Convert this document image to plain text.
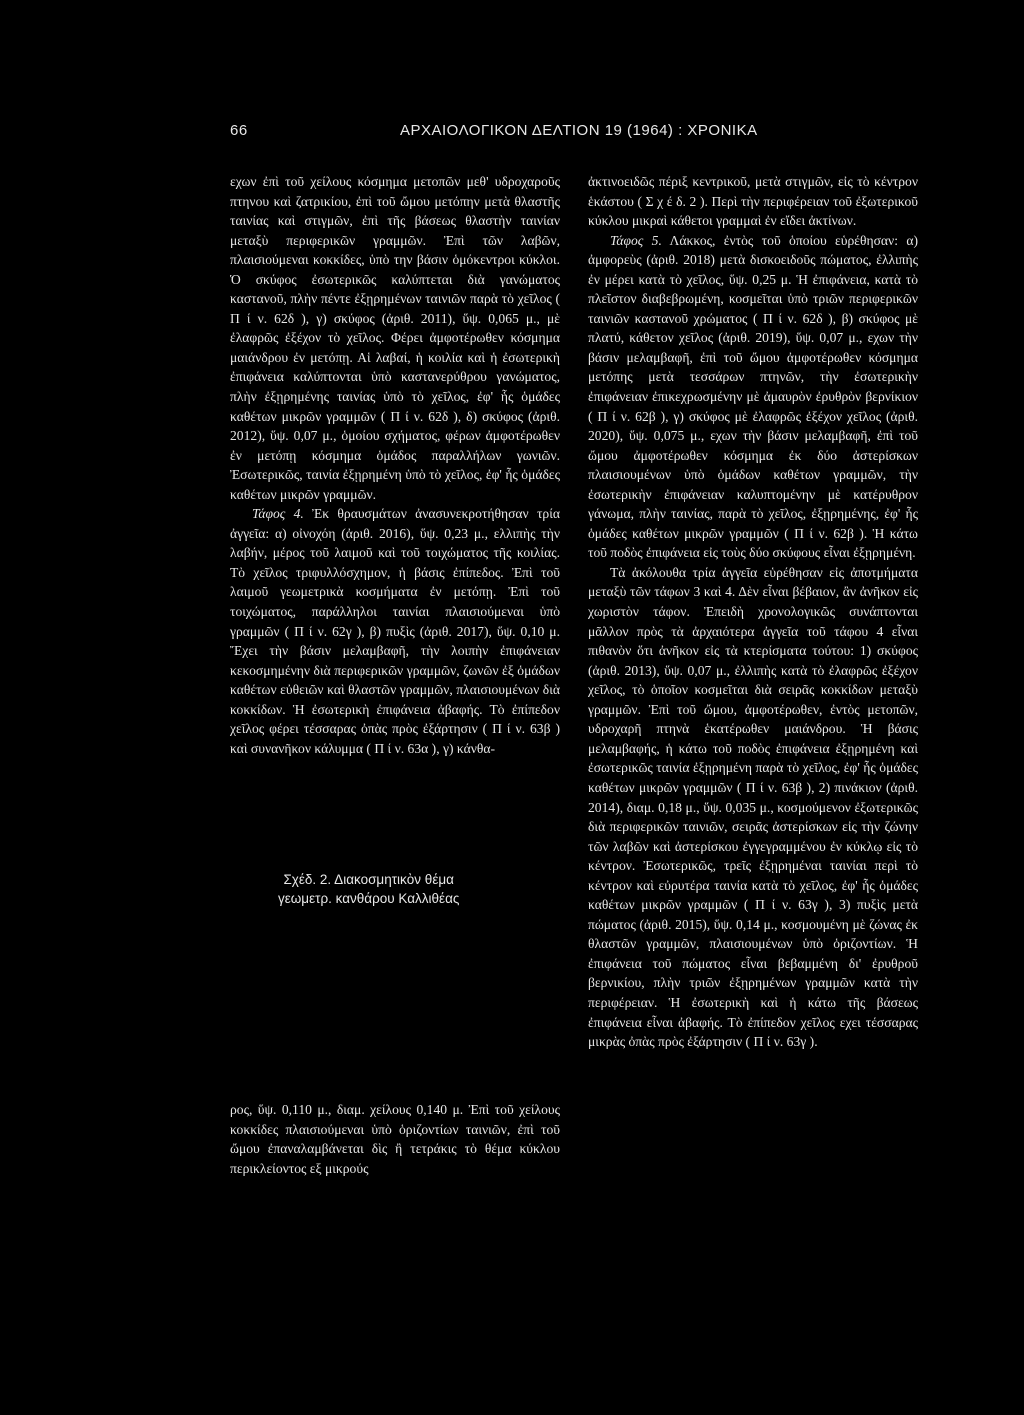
66	ΑΡΧΑΙΟΛΟΓΙΚΟΝ ΔΕΛΤΙΟΝ 19 (1964) : ΧΡΟΝΙΚΑ

εχων ἐπὶ τοῦ χείλους κόσμημα μετοπῶν μεθ' υδροχαροῦς πτηνου καὶ ζατρικίου, ἐπὶ τοῦ ὤμου μετόπην μετὰ θλαστῆς ταινίας καὶ στιγμῶν, ἐπὶ τῆς βάσεως θλαστὴν ταινίαν μεταξὺ περιφερικῶν γραμμῶν. Ἐπὶ τῶν λαβῶν, πλαισιούμεναι κοκκίδες, ὑπὸ την βάσιν ὁμόκεντροι κύκλοι. Ὁ σκύφος ἐσωτερικῶς καλύπτεται διὰ γανώματος καστανοῦ, πλὴν πέντε ἐξῃρημένων ταινιῶν παρὰ τὸ χεῖλος ( Π ί ν. 62δ ), γ) σκύφος (ἀριθ. 2011), ὕψ. 0,065 μ., μὲ ἐλαφρῶς ἐξέχον τὸ χεῖλος. Φέρει ἀμφοτέρωθεν κόσμημα μαιάνδρου ἐν μετόπῃ. Αἱ λαβαί, ἡ κοιλία καὶ ἡ ἐσωτερικὴ ἐπιφάνεια καλύπτονται ὑπὸ καστανερύθρου γανώματος, πλὴν ἐξῃρημένης ταινίας ὑπὸ τὸ χεῖλος, ἐφ' ἧς ὁμάδες καθέτων μικρῶν γραμμῶν ( Π ί ν. 62δ ), δ) σκύφος (ἀριθ. 2012), ὕψ. 0,07 μ., ὁμοίου σχήματος, φέρων ἀμφοτέρωθεν ἐν μετόπῃ κόσμημα ὁμάδος παραλλήλων γωνιῶν. Ἐσωτερικῶς, ταινία ἐξῃρημένη ὑπὸ τὸ χεῖλος, ἐφ' ἧς ὁμάδες καθέτων μικρῶν γραμμῶν.

Τάφος 4. Ἐκ θραυσμάτων ἀνασυνεκροτήθησαν τρία ἀγγεῖα: α) οἰνοχόη (ἀριθ. 2016), ὕψ. 0,23 μ., ελλιπὴς τὴν λαβήν, μέρος τοῦ λαιμοῦ καὶ τοῦ τοιχώματος τῆς κοιλίας. Τὸ χεῖλος τριφυλλόσχημον, ἡ βάσις ἐπίπεδος. Ἐπὶ τοῦ λαιμοῦ γεωμετρικὰ κοσμήματα ἐν μετόπῃ. Ἐπὶ τοῦ τοιχώματος, παράλληλοι ταινίαι πλαισιούμεναι ὑπὸ γραμμῶν ( Π ί ν. 62γ ), β) πυξὶς (ἀριθ. 2017), ὕψ. 0,10 μ. Ἔχει τὴν βάσιν μελαμβαφῆ, τὴν λοιπὴν ἐπιφάνειαν κεκοσμημένην διὰ περιφερικῶν γραμμῶν, ζωνῶν ἐξ ὁμάδων καθέτων εὐθειῶν καὶ θλαστῶν γραμμῶν, πλαισιουμένων διὰ κοκκίδων. Ἡ ἐσωτερικὴ ἐπιφάνεια ἀβαφής. Τὸ ἐπίπεδον χεῖλος φέρει τέσσαρας ὀπὰς πρὸς ἐξάρτησιν ( Π ί ν. 63β ) καὶ συνανῆκον κάλυμμα ( Π ί ν. 63α ), γ) κάνθα-

ρος, ὕψ. 0,110 μ., διαμ. χείλους 0,140 μ. Ἐπὶ τοῦ χείλους κοκκίδες πλαισιούμεναι ὑπὸ ὁριζοντίων ταινιῶν, ἐπὶ τοῦ ὤμου ἐπαναλαμβάνεται δὶς ἢ τετράκις τὸ θέμα κύκλου περικλείοντος εξ μικρούς

Σχέδ. 2. Διακοσμητικὸν θέμα
γεωμετρ. κανθάρου Καλλιθέας

ἀκτινοειδῶς πέριξ κεντρικοῦ, μετὰ στιγμῶν, εἰς τὸ κέντρον ἑκάστου ( Σ χ έ δ. 2 ). Περὶ τὴν περιφέρειαν τοῦ ἐξωτερικοῦ κύκλου μικραὶ κάθετοι γραμμαὶ ἐν εἴδει ἀκτίνων.

Τάφος 5. Λάκκος, ἐντὸς τοῦ ὁποίου εὑρέθησαν: α) ἀμφορεὺς (ἀριθ. 2018) μετὰ δισκοειδοῦς πώματος, ἐλλιπὴς ἐν μέρει κατὰ τὸ χεῖλος, ὕψ. 0,25 μ. Ἡ ἐπιφάνεια, κατὰ τὸ πλεῖστον διαβεβρωμένη, κοσμεῖται ὑπὸ τριῶν περιφερικῶν ταινιῶν καστανοῦ χρώματος ( Π ί ν. 62δ ), β) σκύφος μὲ πλατύ, κάθετον χεῖλος (ἀριθ. 2019), ὕψ. 0,07 μ., εχων τὴν βάσιν μελαμβαφῆ, ἐπὶ τοῦ ὤμου ἀμφοτέρωθεν κόσμημα μετόπης μετὰ τεσσάρων πτηνῶν, τὴν ἐσωτερικὴν ἐπιφάνειαν ἐπικεχρωσμένην μὲ ἀμαυρὸν ἐρυθρὸν βερνίκιον ( Π ί ν. 62β ), γ) σκύφος μὲ ἐλαφρῶς ἐξέχον χεῖλος (ἀριθ. 2020), ὕψ. 0,075 μ., εχων τὴν βάσιν μελαμβαφῆ, ἐπὶ τοῦ ὤμου ἀμφοτέρωθεν κόσμημα ἐκ δύο ἀστερίσκων πλαισιουμένων ὑπὸ ὁμάδων καθέτων γραμμῶν, τὴν ἐσωτερικὴν ἐπιφάνειαν καλυπτομένην μὲ κατέρυθρον γάνωμα, πλὴν ταινίας, παρὰ τὸ χεῖλος, ἐξῃρημένης, ἐφ' ἧς ὁμάδες καθέτων μικρῶν γραμμῶν ( Π ί ν. 62β ). Ἡ κάτω τοῦ ποδὸς ἐπιφάνεια εἰς τοὺς δύο σκύφους εἶναι ἐξῃρημένη.

Τὰ ἀκόλουθα τρία ἀγγεῖα εὑρέθησαν εἰς ἀποτμήματα μεταξὺ τῶν τάφων 3 καὶ 4. Δὲν εἶναι βέβαιον, ἂν ἀνῆκον εἰς χωριστὸν τάφον. Ἐπειδὴ χρονολογικῶς συνάπτονται μᾶλλον πρὸς τὰ ἀρχαιότερα ἀγγεῖα τοῦ τάφου 4 εἶναι πιθανὸν ὅτι ἀνῆκον εἰς τὰ κτερίσματα τούτου: 1) σκύφος (ἀριθ. 2013), ὕψ. 0,07 μ., ἐλλιπὴς κατὰ τὸ ἐλαφρῶς ἐξέχον χεῖλος, τὸ ὁποῖον κοσμεῖται διὰ σειρᾶς κοκκίδων μεταξὺ γραμμῶν. Ἐπὶ τοῦ ὤμου, ἀμφοτέρωθεν, ἐντὸς μετοπῶν, υδροχαρῆ πτηνὰ ἑκατέρωθεν μαιάνδρου. Ἡ βάσις μελαμβαφής, ἡ κάτω τοῦ ποδὸς ἐπιφάνεια ἐξῃρημένη καὶ ἐσωτερικῶς ταινία ἐξῃρημένη παρὰ τὸ χεῖλος, ἐφ' ἧς ὁμάδες καθέτων μικρῶν γραμμῶν ( Π ί ν. 63β ), 2) πινάκιον (ἀριθ. 2014), διαμ. 0,18 μ., ὕψ. 0,035 μ., κοσμούμενον ἐξωτερικῶς διὰ περιφερικῶν ταινιῶν, σειρᾶς ἀστερίσκων εἰς τὴν ζώνην τῶν λαβῶν καὶ ἀστερίσκου ἐγγεγραμμένου ἐν κύκλῳ εἰς τὸ κέντρον. Ἐσωτερικῶς, τρεῖς ἐξῃρημέναι ταινίαι περὶ τὸ κέντρον καὶ εὐρυτέρα ταινία κατὰ τὸ χεῖλος, ἐφ' ἧς ὁμάδες καθέτων μικρῶν γραμμῶν ( Π ί ν. 63γ ), 3) πυξὶς μετὰ πώματος (ἀριθ. 2015), ὕψ. 0,14 μ., κοσμουμένη μὲ ζώνας ἐκ θλαστῶν γραμμῶν, πλαισιουμένων ὑπὸ ὁριζοντίων. Ἡ ἐπιφάνεια τοῦ πώματος εἶναι βεβαμμένη δι' ἐρυθροῦ βερνικίου, πλὴν τριῶν ἐξῃρημένων γραμμῶν κατὰ τὴν περιφέρειαν. Ἡ ἐσωτερικὴ καὶ ἡ κάτω τῆς βάσεως ἐπιφάνεια εἶναι ἀβαφής. Τὸ ἐπίπεδον χεῖλος εχει τέσσαρας μικρὰς ὀπὰς πρὸς ἐξάρτησιν ( Π ί ν. 63γ ).
